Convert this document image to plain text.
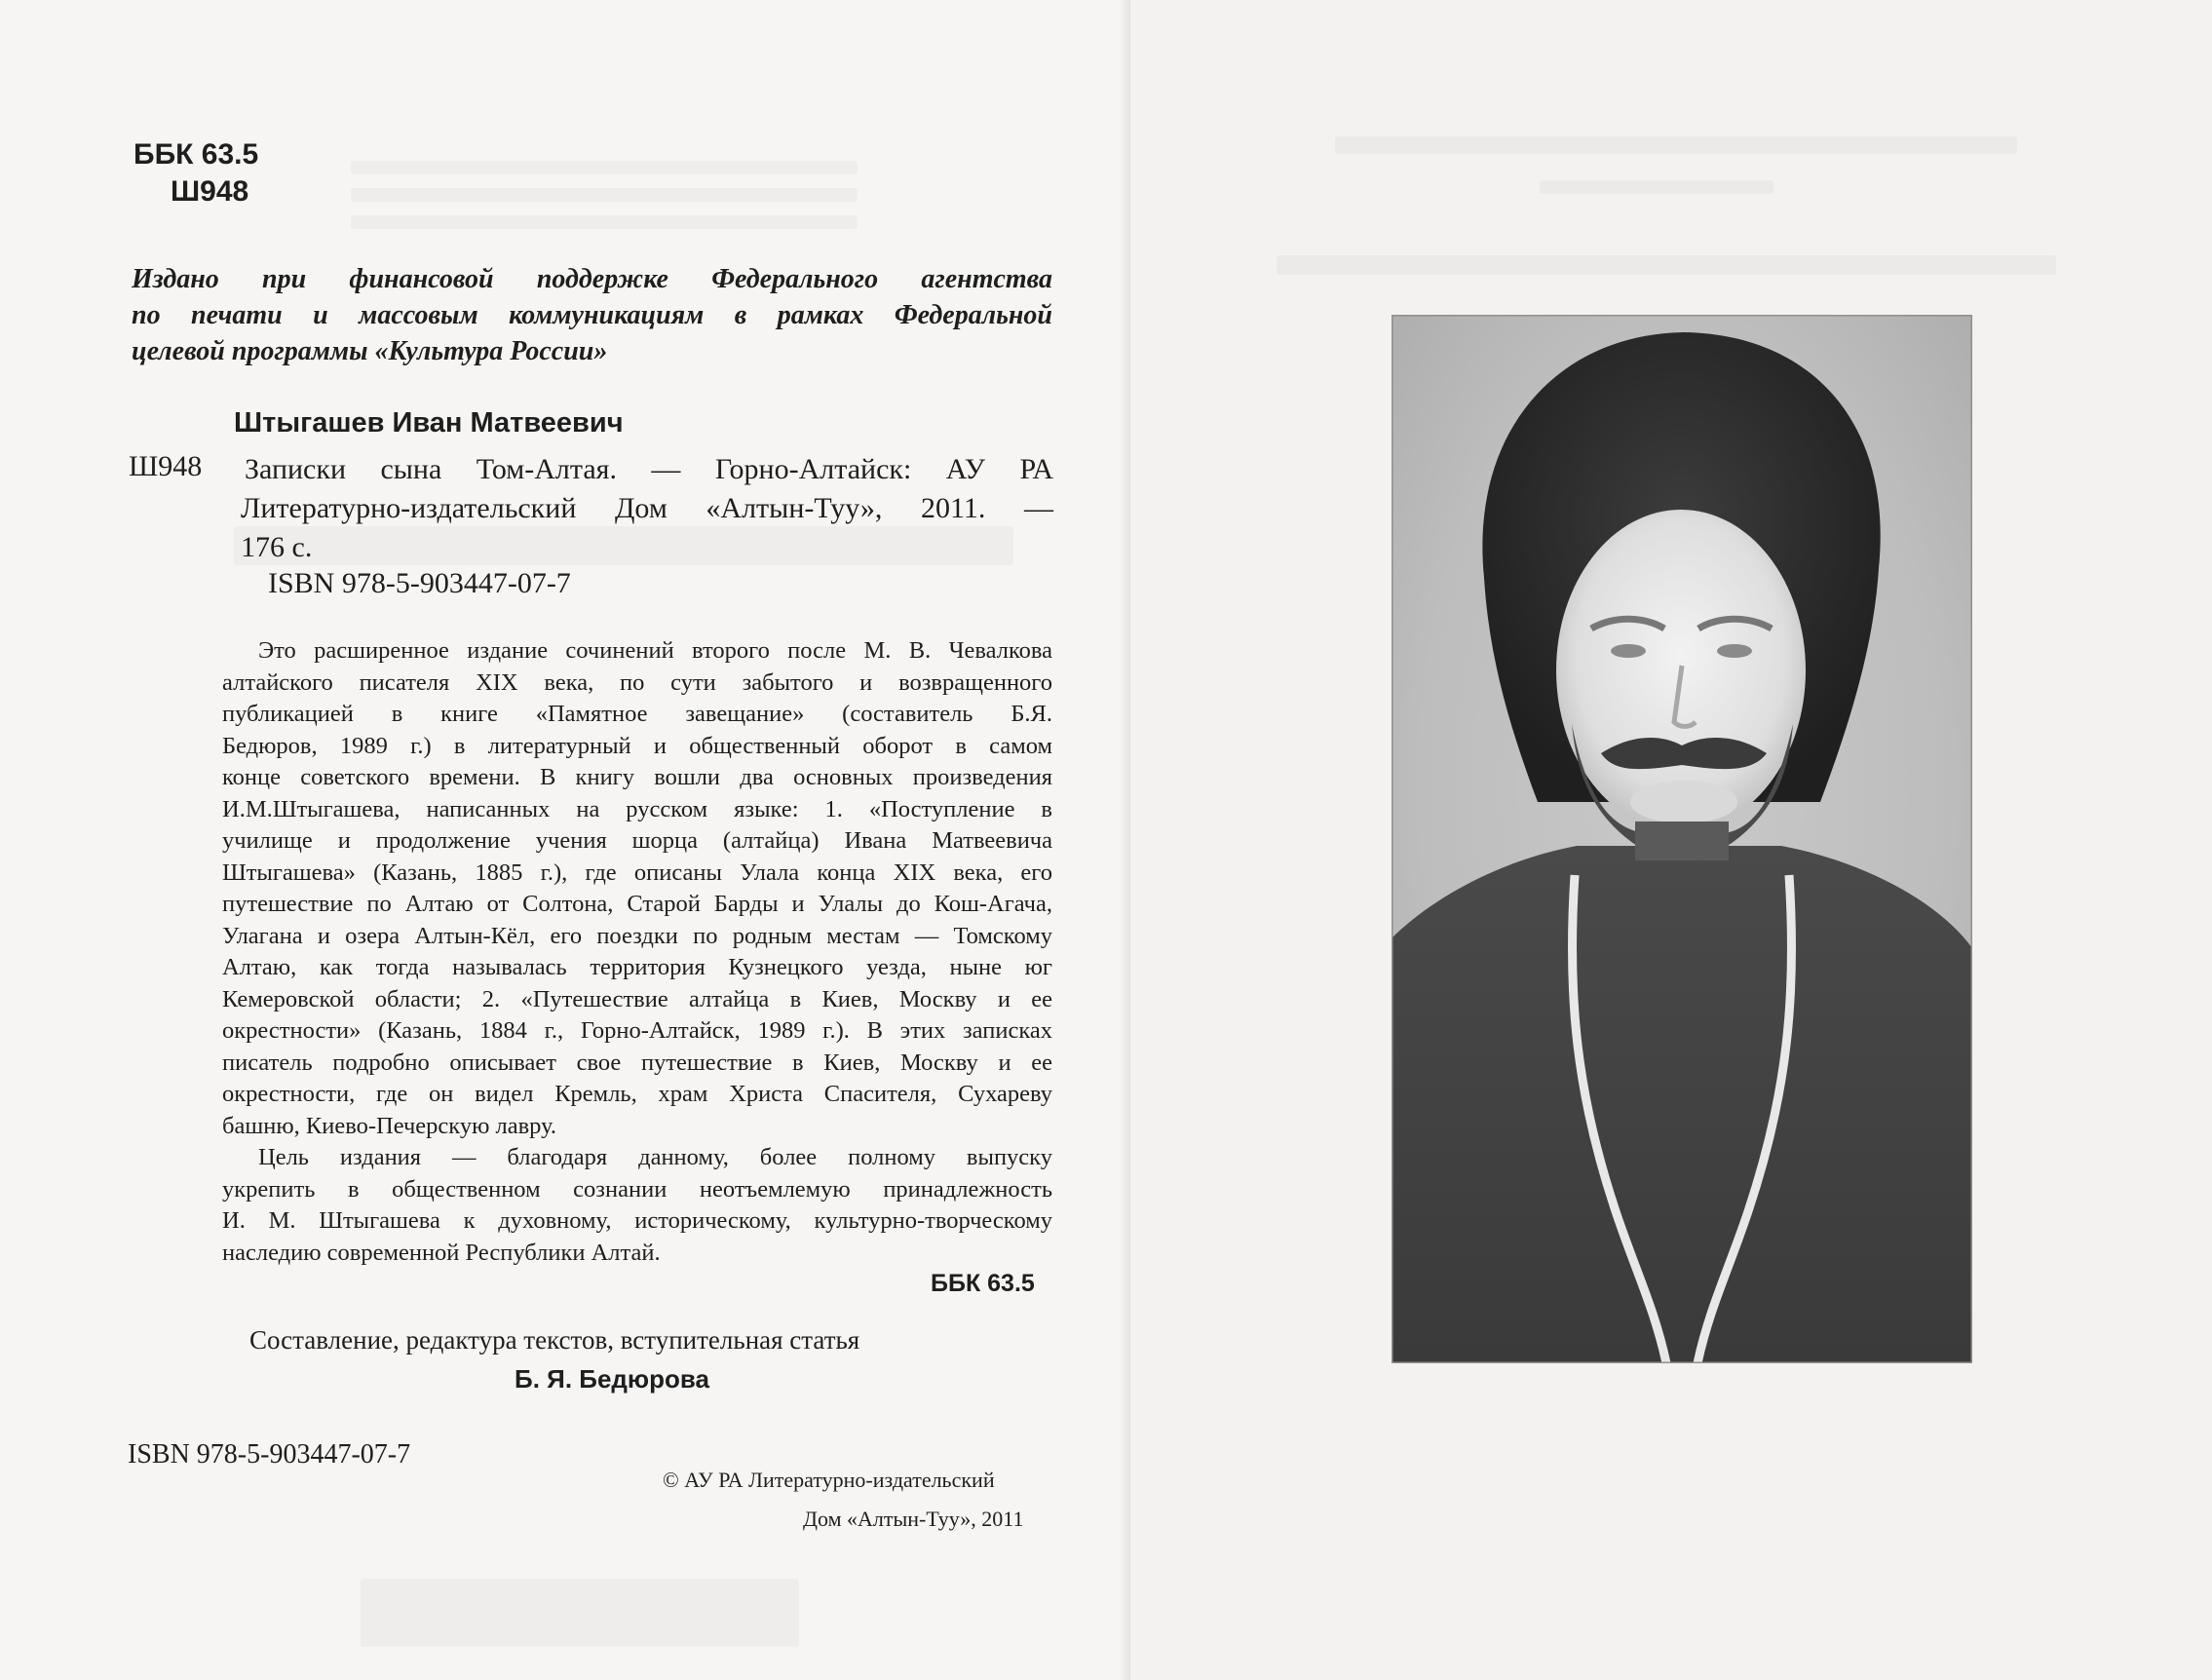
ББК 63.5
Ш948
Издано при финансовой поддержке Федерального агентства
по печати и массовым коммуникациям в рамках Федеральной
целевой программы «Культура России»
Штыгашев Иван Матвеевич
Ш948 Записки сына Том-Алтая. — Горно-Алтайск: АУ РА
Литературно-издательский Дом «Алтын-Туу», 2011. —
176 с.
ISBN 978-5-903447-07-7
Это расширенное издание сочинений второго после М. В. Чевалкова
алтайского писателя XIX века, по сути забытого и возвращенного
публикацией в книге «Памятное завещание» (составитель Б.Я.
Бедюров, 1989 г.) в литературный и общественный оборот в самом
конце советского времени. В книгу вошли два основных произведения
И.М.Штыгашева, написанных на русском языке: 1. «Поступление в
училище и продолжение учения шорца (алтайца) Ивана Матвеевича
Штыгашева» (Казань, 1885 г.), где описаны Улала конца XIX века, его
путешествие по Алтаю от Солтона, Старой Барды и Улалы до Кош-Агача,
Улагана и озера Алтын-Кёл, его поездки по родным местам — Томскому
Алтаю, как тогда называлась территория Кузнецкого уезда, ныне юг
Кемеровской области; 2. «Путешествие алтайца в Киев, Москву и ее
окрестности» (Казань, 1884 г., Горно-Алтайск, 1989 г.). В этих записках
писатель подробно описывает свое путешествие в Киев, Москву и ее
окрестности, где он видел Кремль, храм Христа Спасителя, Сухареву
башню, Киево-Печерскую лавру.
Цель издания — благодаря данному, более полному выпуску
укрепить в общественном сознании неотъемлемую принадлежность
И. М. Штыгашева к духовному, историческому, культурно-творческому
наследию современной Республики Алтай.
ББК 63.5
Составление, редактура текстов, вступительная статья
Б. Я. Бедюрова
ISBN 978-5-903447-07-7
© АУ РА Литературно-издательский
Дом «Алтын-Туу», 2011
